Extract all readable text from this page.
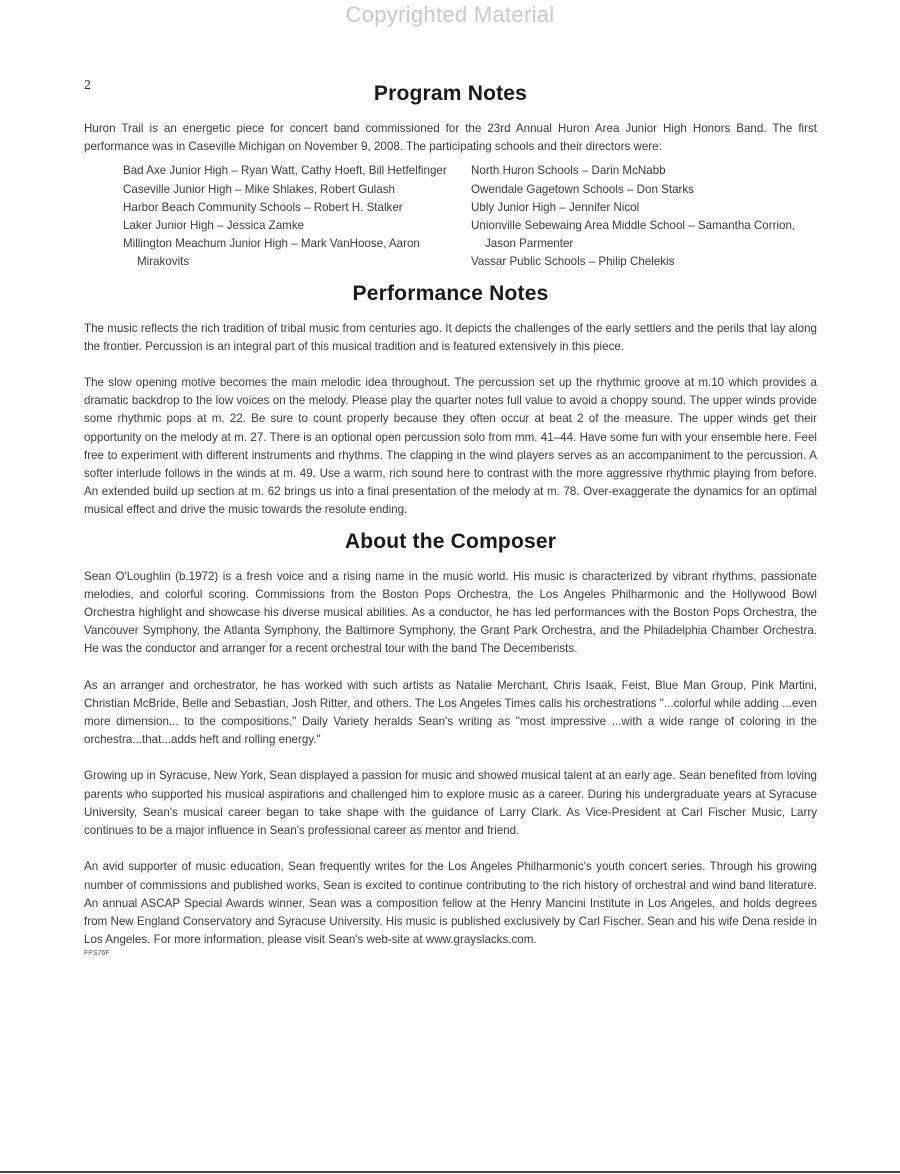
Copyrighted Material
2	Program Notes

Huron Trail is an energetic piece for concert band commissioned for the 23rd Annual Huron Area Junior High Honors Band. The first performance was in Caseville Michigan on November 9, 2008. The participating schools and their directors were:

Bad Axe Junior High – Ryan Watt, Cathy Hoeft, Bill Hetfelfinger
Caseville Junior High – Mike Shlakes, Robert Gulash
Harbor Beach Community Schools – Robert H. Stalker
Laker Junior High – Jessica Zamke
Millington Meachum Junior High – Mark VanHoose, Aaron Mirakovits
North Huron Schools – Darin McNabb
Owendale Gagetown Schools – Don Starks
Ubly Junior High – Jennifer Nicol
Unionville Sebewaing Area Middle School – Samantha Corrion, Jason Parmenter
Vassar Public Schools – Philip Chelekis
Performance Notes

The music reflects the rich tradition of tribal music from centuries ago. It depicts the challenges of the early settlers and the perils that lay along the frontier. Percussion is an integral part of this musical tradition and is featured extensively in this piece.

The slow opening motive becomes the main melodic idea throughout. The percussion set up the rhythmic groove at m.10 which provides a dramatic backdrop to the low voices on the melody. Please play the quarter notes full value to avoid a choppy sound. The upper winds provide some rhythmic pops at m. 22. Be sure to count properly because they often occur at beat 2 of the measure. The upper winds get their opportunity on the melody at m. 27. There is an optional open percussion solo from mm. 41–44. Have some fun with your ensemble here. Feel free to experiment with different instruments and rhythms. The clapping in the wind players serves as an accompaniment to the percussion. A softer interlude follows in the winds at m. 49. Use a warm, rich sound here to contrast with the more aggressive rhythmic playing from before. An extended build up section at m. 62 brings us into a final presentation of the melody at m. 78. Over-exaggerate the dynamics for an optimal musical effect and drive the music towards the resolute ending.

About the Composer

Sean O'Loughlin (b.1972) is a fresh voice and a rising name in the music world. His music is characterized by vibrant rhythms, passionate melodies, and colorful scoring. Commissions from the Boston Pops Orchestra, the Los Angeles Philharmonic and the Hollywood Bowl Orchestra highlight and showcase his diverse musical abilities. As a conductor, he has led performances with the Boston Pops Orchestra, the Vancouver Symphony, the Atlanta Symphony, the Baltimore Symphony, the Grant Park Orchestra, and the Philadelphia Chamber Orchestra. He was the conductor and arranger for a recent orchestral tour with the band The Decemberists.

As an arranger and orchestrator, he has worked with such artists as Natalie Merchant, Chris Isaak, Feist, Blue Man Group, Pink Martini, Christian McBride, Belle and Sebastian, Josh Ritter, and others. The Los Angeles Times calls his orchestrations "...colorful while adding ...even more dimension... to the compositions." Daily Variety heralds Sean's writing as "most impressive ...with a wide range of coloring in the orchestra...that...adds heft and rolling energy."

Growing up in Syracuse, New York, Sean displayed a passion for music and showed musical talent at an early age. Sean benefited from loving parents who supported his musical aspirations and challenged him to explore music as a career. During his undergraduate years at Syracuse University, Sean's musical career began to take shape with the guidance of Larry Clark. As Vice-President at Carl Fischer Music, Larry continues to be a major influence in Sean's professional career as mentor and friend.

An avid supporter of music education, Sean frequently writes for the Los Angeles Philharmonic's youth concert series. Through his growing number of commissions and published works, Sean is excited to continue contributing to the rich history of orchestral and wind band literature. An annual ASCAP Special Awards winner, Sean was a composition fellow at the Henry Mancini Institute in Los Angeles, and holds degrees from New England Conservatory and Syracuse University. His music is published exclusively by Carl Fischer. Sean and his wife Dena reside in Los Angeles. For more information, please visit Sean's web-site at www.grayslacks.com.

FPS76F
